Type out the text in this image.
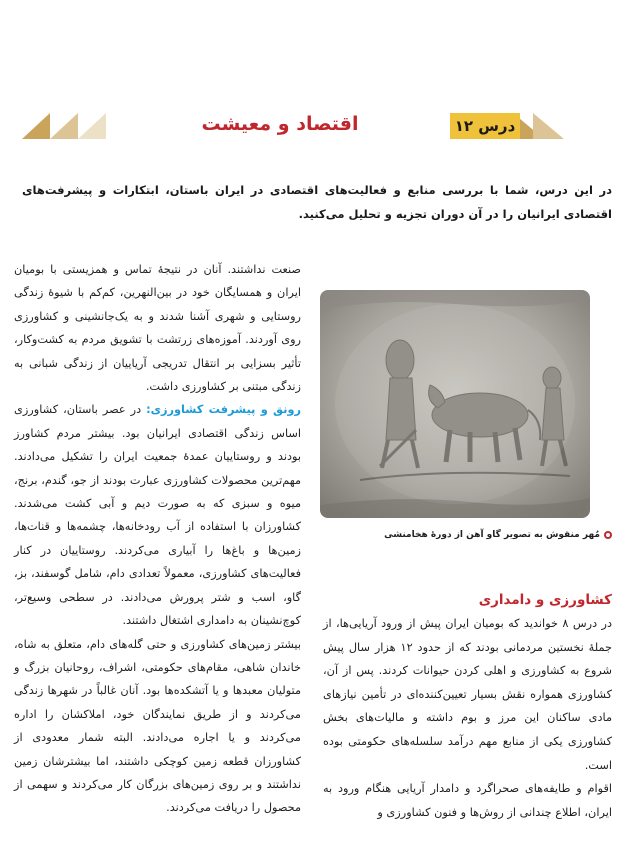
درس ۱۲
اقتصاد و معیشت
در این درس، شما با بررسی منابع و فعالیت‌های اقتصادی در ایران باستان، ابتکارات و پیشرفت‌های اقتصادی ایرانیان را در آن دوران تجزیه و تحلیل می‌کنید.

صنعت نداشتند. آنان در نتیجهٔ تماس و همزیستی با بومیان ایران و همسایگان خود در بین‌النهرین، کم‌کم با شیوهٔ زندگی روستایی و شهری آشنا شدند و به یک‌جانشینی و کشاورزی روی آوردند. آموزه‌های زرتشت با تشویق مردم به کشت‌وکار، تأثیر بسزایی بر انتقال تدریجی آریاییان از زندگی شبانی به زندگی مبتنی بر کشاورزی داشت.

رونق و پیشرفت کشاورزی: در عصر باستان، کشاورزی اساس زندگی اقتصادی ایرانیان بود. بیشتر مردم کشاورز بودند و روستاییان عمدهٔ جمعیت ایران را تشکیل می‌دادند. مهم‌ترین محصولات کشاورزی عبارت بودند از جو، گندم، برنج، میوه و سبزی که به صورت دیم و آبی کشت می‌شدند. کشاورزان با استفاده از آب رودخانه‌ها، چشمه‌ها و قنات‌ها، زمین‌ها و باغ‌ها را آبیاری می‌کردند. روستاییان در کنار فعالیت‌های کشاورزی، معمولاً تعدادی دام، شامل گوسفند، بز، گاو، اسب و شتر پرورش می‌دادند. در سطحی وسیع‌تر، کوچ‌نشینان به دامداری اشتغال داشتند.

بیشتر زمین‌های کشاورزی و حتی گله‌های دام، متعلق به شاه، خاندان شاهی، مقام‌های حکومتی، اشراف، روحانیان بزرگ و متولیان معبدها و یا آتشکده‌ها بود. آنان غالباً در شهرها زندگی می‌کردند و از طریق نمایندگان خود، املاکشان را اداره می‌کردند و یا اجاره می‌دادند. البته شمار معدودی از کشاورزان قطعه زمین کوچکی داشتند، اما بیشترشان زمین نداشتند و بر روی زمین‌های بزرگان کار می‌کردند و سهمی از محصول را دریافت می‌کردند.

مُهر منقوش به تصویر گاو آهن از دورهٔ هخامنشی
کشاورزی و دامداری

در درس ۸ خواندید که بومیان ایران پیش از ورود آریایی‌ها، از جملهٔ نخستین مردمانی بودند که از حدود ۱۲ هزار سال پیش شروع به کشاورزی و اهلی کردن حیوانات کردند. پس از آن، کشاورزی همواره نقش بسیار تعیین‌کننده‌ای در تأمین نیازهای مادی ساکنان این مرز و بوم داشته و مالیات‌های بخش کشاورزی یکی از منابع مهم درآمد سلسله‌های حکومتی بوده است.

اقوام و طایفه‌های صحراگرد و دامدار آریایی هنگام ورود به ایران، اطلاع چندانی از روش‌ها و فنون کشاورزی و
